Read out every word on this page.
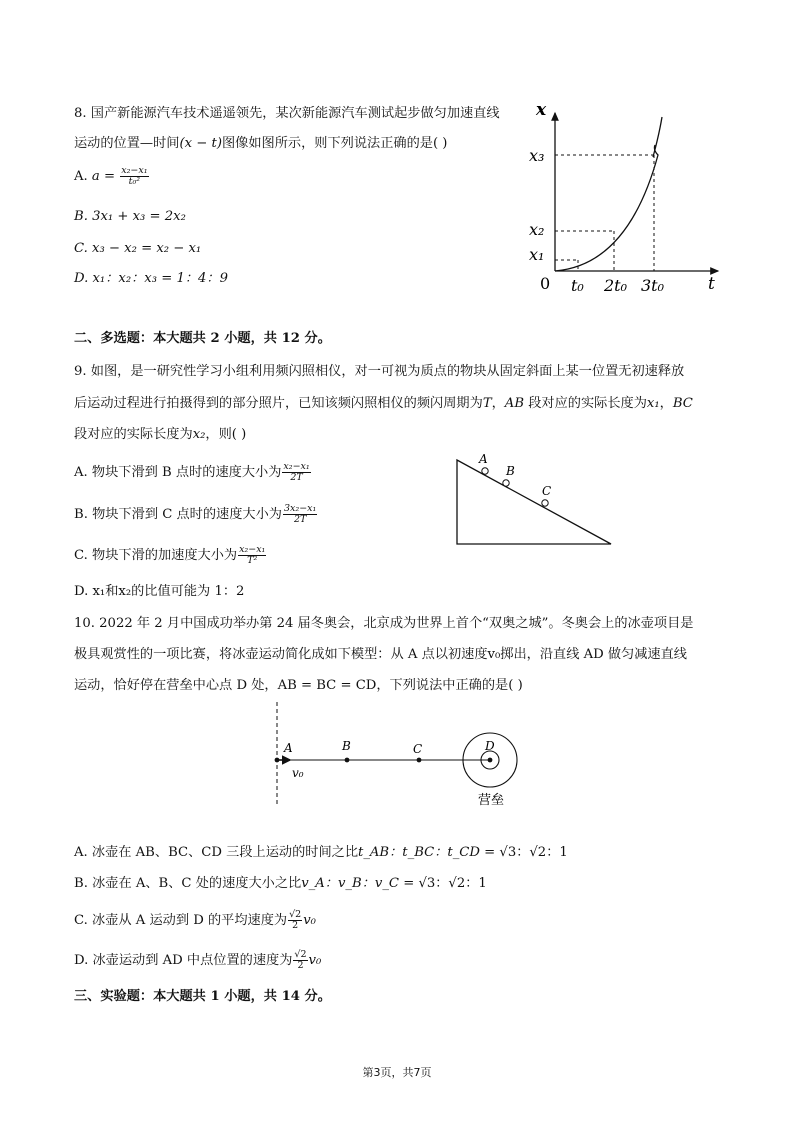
8. 国产新能源汽车技术遥遥领先，某次新能源汽车测试起步做匀加速直线
运动的位置—时间(x − t)图像如图所示，则下列说法正确的是( )
A. $a = \frac{\text{x₂−x₁}}{\text{t₀²}}$
B. 3x₁ + x₃ = 2x₂
C. x₃ − x₂ = x₂ − x₁
D. x₁：x₂：x₃ = 1：4：9
x
t
0
x₃
x₂
x₁
t₀ 2t₀ 3t₀
二、多选题：本大题共 2 小题，共 12 分。
9. 如图，是一研究性学习小组利用频闪照相仪，对一可视为质点的物块从固定斜面上某一位置无初速释放
后运动过程进行拍摄得到的部分照片，已知该频闪照相仪的频闪周期为T，AB 段对应的实际长度为x₁，BC
段对应的实际长度为x₂，则( )
A. 物块下滑到 B 点时的速度大小为 $\frac{\text{x₂−x₁}}{2T}$
B. 物块下滑到 C 点时的速度大小为 $\frac{\text{3x₂−x₁}}{2T}$
C. 物块下滑的加速度大小为 $\frac{\text{x₂−x₁}}{\text{T²}}$
D. x₁和x₂的比值可能为 1：2
A
B
C
10. 2022 年 2 月中国成功举办第 24 届冬奥会，北京成为世界上首个“双奥之城”。冬奥会上的冰壶项目是
极具观赏性的一项比赛，将冰壶运动简化成如下模型：从 A 点以初速度v₀掷出，沿直线 AD 做匀减速直线
运动，恰好停在营垒中心点 D 处，AB = BC = CD，下列说法中正确的是( )
A	B	C	D
v₀
营垒
A. 冰壶在 AB、BC、CD 三段上运动的时间之比t_AB：t_BC：t_CD = √3：√2：1
B. 冰壶在 A、B、C 处的速度大小之比v_A：v_B：v_C = √3：√2：1
C. 冰壶从 A 运动到 D 的平均速度为 $\frac{√2}{2} v_0$
D. 冰壶运动到 AD 中点位置的速度为 $\frac{√2}{2} v_0$
三、实验题：本大题共 1 小题，共 14 分。
第3页，共7页
